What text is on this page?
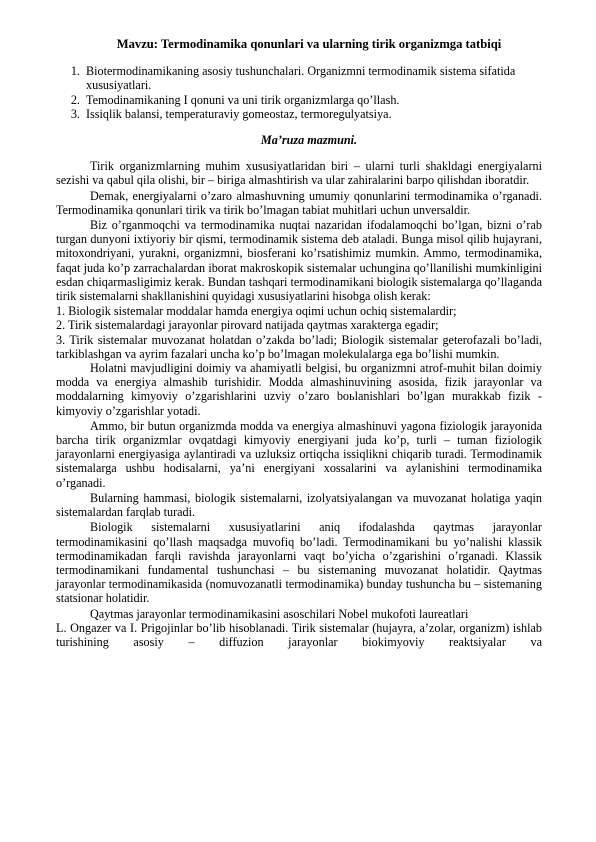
Mavzu: Termodinamika qonunlari va ularning tirik organizmga tatbiqi
1. Biotermodinamikaning asosiy tushunchalari. Organizmni termodinamik sistema sifatida xususiyatlari.
2. Temodinamikaning I qonuni va uni tirik organizmlarga qo’llash.
3. Issiqlik balansi, temperaturaviy gomeostaz, termoregulyatsiya.
Ma’ruza mazmuni.

Tirik organizmlarning muhim xususiyatlaridan biri – ularni turli shakldagi energiyalarni sezishi va qabul qila olishi, bir – biriga almashtirish va ular zahiralarini barpo qilishdan iboratdir.

Demak, energiyalarni o’zaro almashuvning umumiy qonunlarini termodinamika o’rganadi. Termodinamika qonunlari tirik va tirik bo’lmagan tabiat muhitlari uchun unversaldir.

Biz o’rganmoqchi va termodinamika nuqtai nazaridan ifodalamoqchi bo’lgan, bizni o’rab turgan dunyoni ixtiyoriy bir qismi, termodinamik sistema deb ataladi. Bunga misol qilib hujayrani, mitoxondriyani, yurakni, organizmni, biosferani ko’rsatishimiz mumkin. Ammo, termodinamika, faqat juda ko’p zarrachalardan iborat makroskopik sistemalar uchungina qo’llanilishi mumkinligini esdan chiqarmasligimiz kerak. Bundan tashqari termodinamikani biologik sistemalarga qo’llaganda tirik sistemalarni shakllanishini quyidagi xususiyatlarini hisobga olish kerak:

1. Biologik sistemalar moddalar hamda energiya oqimi uchun ochiq sistemalardir;

2. Tirik sistemalardagi jarayonlar pirovard natijada qaytmas xarakterga egadir;

3. Tirik sistemalar muvozanat holatdan o’zakda bo’ladi; Biologik sistemalar geterofazali bo’ladi, tarkiblashgan va ayrim fazalari uncha ko’p bo’lmagan molekulalarga ega bo’lishi mumkin.

Holatni mavjudligini doimiy va ahamiyatli belgisi, bu organizmni atrof-muhit bilan doimiy modda va energiya almashib turishidir. Modda almashinuvining asosida, fizik jarayonlar va moddalarning kimyoviy o’zgarishlarini uzviy o’zaro boьlanishlari bo’lgan murakkab fizik - kimyoviy o’zgarishlar yotadi.

Ammo, bir butun organizmda modda va energiya almashinuvi yagona fiziologik jarayonida barcha tirik organizmlar ovqatdagi kimyoviy energiyani juda ko’p, turli – tuman fiziologik jarayonlarni energiyasiga aylantiradi va uzluksiz ortiqcha issiqlikni chiqarib turadi. Termodinamik sistemalarga ushbu hodisalarni, ya’ni energiyani xossalarini va aylanishini termodinamika o’rganadi.

Bularning hammasi, biologik sistemalarni, izolyatsiyalangan va muvozanat holatiga yaqin sistemalardan farqlab turadi.

Biologik sistemalarni xususiyatlarini aniq ifodalashda qaytmas jarayonlar termodinamikasini qo’llash maqsadga muvofiq bo’ladi. Termodinamikani bu yo’nalishi klassik termodinamikadan farqli ravishda jarayonlarni vaqt bo’yicha o’zgarishini o’rganadi. Klassik termodinamikani fundamental tushunchasi – bu sistemaning muvozanat holatidir. Qaytmas jarayonlar termodinamikasida (nomuvozanatli termodinamika) bunday tushuncha bu – sistemaning statsionar holatidir.

Qaytmas jarayonlar termodinamikasini asoschilari Nobel mukofoti laureatlari

L. Ongazer va I. Prigojinlar bo’lib hisoblanadi. Tirik sistemalar (hujayra, a’zolar, organizm) ishlab turishining asosiy – diffuzion jarayonlar biokimyoviy reaktsiyalar va
